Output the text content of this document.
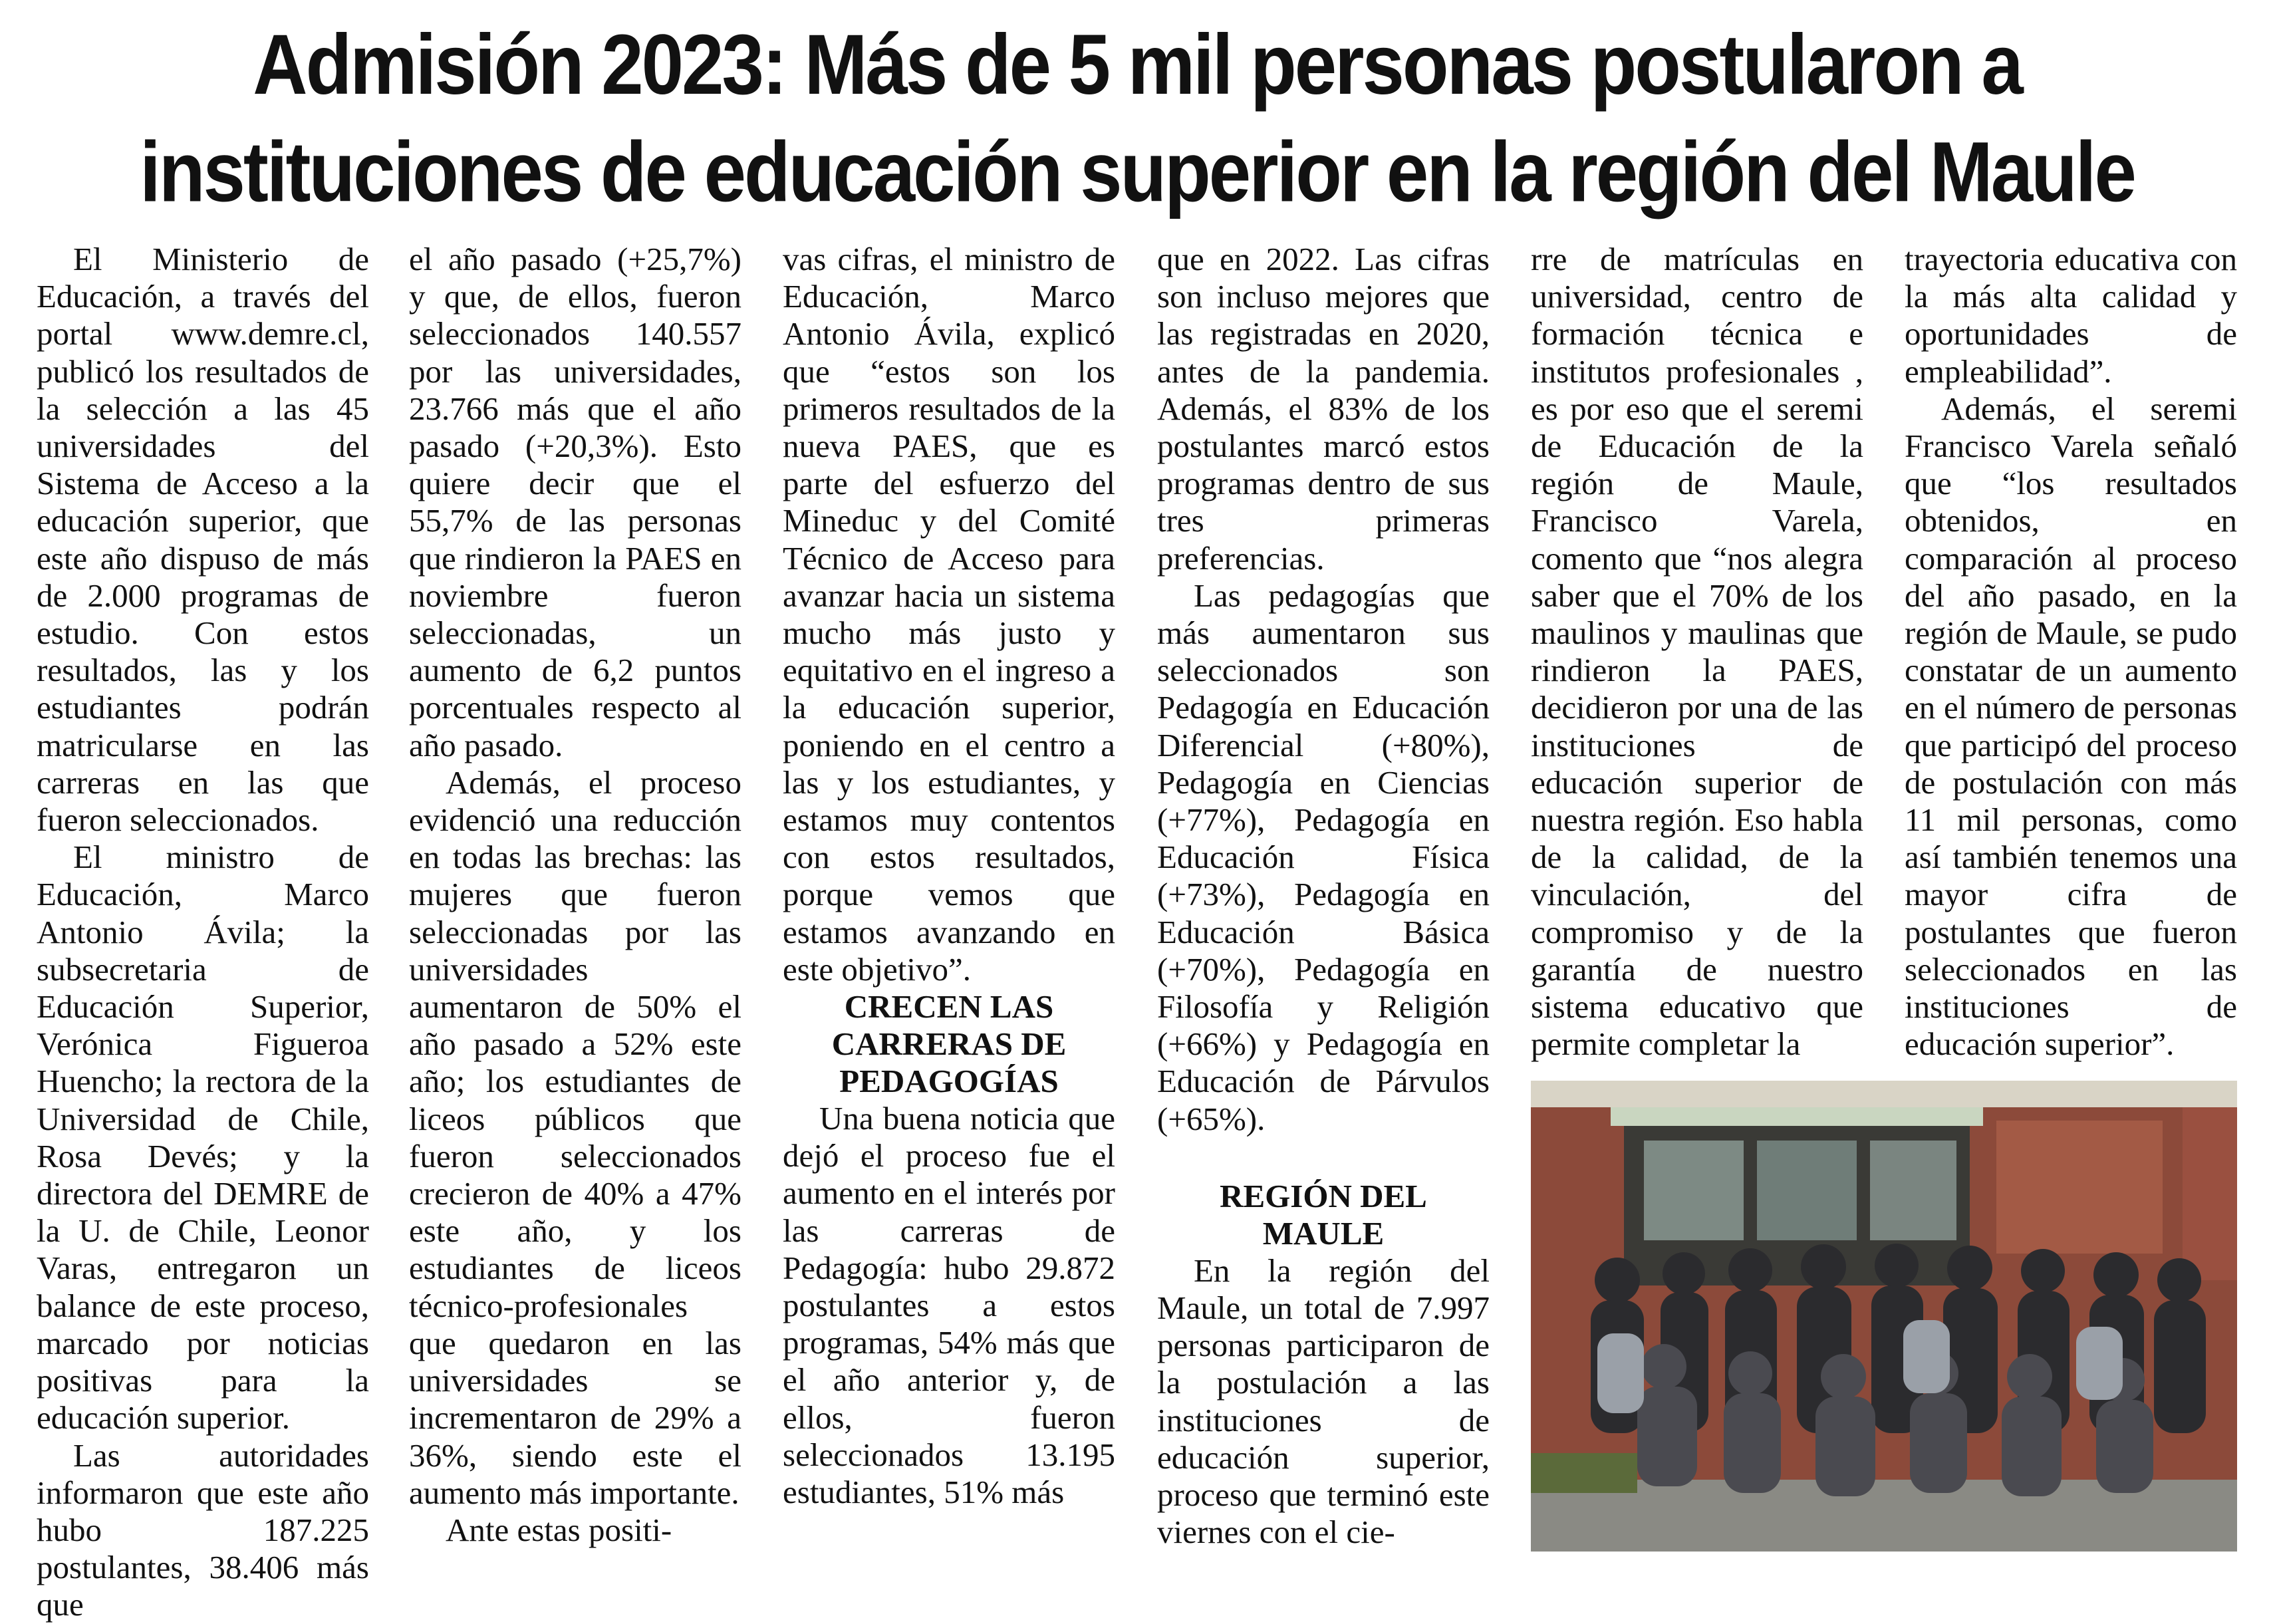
Admisión 2023: Más de 5 mil personas postularon a
instituciones de educación superior en la región del Maule

El Ministerio de Educación, a través del portal www.demre.cl, publicó los resultados de la selección a las 45 universidades del Sistema de Acceso a la educación superior, que este año dispuso de más de 2.000 programas de estudio. Con estos resultados, las y los estudiantes podrán matricularse en las carreras en las que fueron seleccionados.

El ministro de Educación, Marco Antonio Ávila; la subsecretaria de Educación Superior, Verónica Figueroa Huencho; la rectora de la Universidad de Chile, Rosa Devés; y la directora del DEMRE de la U. de Chile, Leonor Varas, entregaron un balance de este proceso, marcado por noticias positivas para la educación superior.

Las autoridades informaron que este año hubo 187.225 postulantes, 38.406 más que

el año pasado (+25,7%) y que, de ellos, fueron seleccionados 140.557 por las universidades, 23.766 más que el año pasado (+20,3%). Esto quiere decir que el 55,7% de las personas que rindieron la PAES en noviembre fueron seleccionadas, un aumento de 6,2 puntos porcentuales respecto al año pasado.

Además, el proceso evidenció una reducción en todas las brechas: las mujeres que fueron seleccionadas por las universidades aumentaron de 50% el año pasado a 52% este año; los estudiantes de liceos públicos que fueron seleccionados crecieron de 40% a 47% este año, y los estudiantes de liceos técnico-profesionales que quedaron en las universidades se incrementaron de 29% a 36%, siendo este el aumento más importante.

Ante estas positi-

vas cifras, el ministro de Educación, Marco Antonio Ávila, explicó que “estos son los primeros resultados de la nueva PAES, que es parte del esfuerzo del Mineduc y del Comité Técnico de Acceso para avanzar hacia un sistema mucho más justo y equitativo en el ingreso a la educación superior, poniendo en el centro a las y los estudiantes, y estamos muy contentos con estos resultados, porque vemos que estamos avanzando en este objetivo”.

CRECEN LAS CARRERAS DE PEDAGOGÍAS

Una buena noticia que dejó el proceso fue el aumento en el interés por las carreras de Pedagogía: hubo 29.872 postulantes a estos programas, 54% más que el año anterior y, de ellos, fueron seleccionados 13.195 estudiantes, 51% más

que en 2022. Las cifras son incluso mejores que las registradas en 2020, antes de la pandemia. Además, el 83% de los postulantes marcó estos programas dentro de sus tres primeras preferencias.

Las pedagogías que más aumentaron sus seleccionados son Pedagogía en Educación Diferencial (+80%), Pedagogía en Ciencias (+77%), Pedagogía en Educación Física (+73%), Pedagogía en Educación Básica (+70%), Pedagogía en Filosofía y Religión (+66%) y Pedagogía en Educación de Párvulos (+65%).

REGIÓN DEL MAULE

En la región del Maule, un total de 7.997 personas participaron de la postulación a las instituciones de educación superior, proceso que terminó este viernes con el cie-

rre de matrículas en universidad, centro de formación técnica e institutos profesionales , es por eso que el seremi de Educación de la región de Maule, Francisco Varela, comento que “nos alegra saber que el 70% de los maulinos y maulinas que rindieron la PAES, decidieron por una de las instituciones de educación superior de nuestra región. Eso habla de la calidad, de la vinculación, del compromiso y de la garantía de nuestro sistema educativo que permite completar la

trayectoria educativa con la más alta calidad y oportunidades de empleabilidad”.

Además, el seremi Francisco Varela señaló que “los resultados obtenidos, en comparación al proceso del año pasado, en la región de Maule, se pudo constatar de un aumento en el número de personas que participó del proceso de postulación con más 11 mil personas, como así también tenemos una mayor cifra de postulantes que fueron seleccionados en las instituciones de educación superior”.
